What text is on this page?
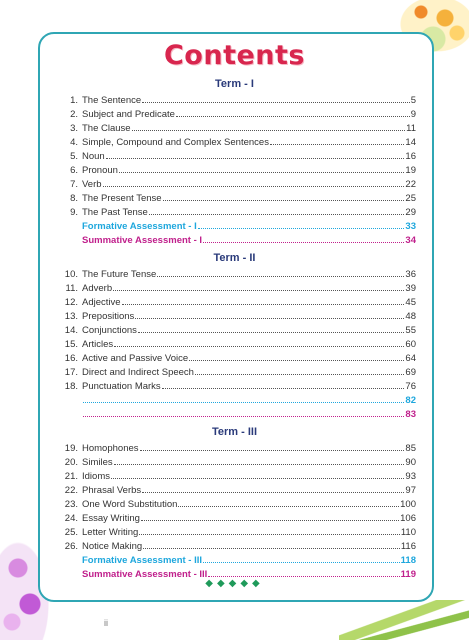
Contents
Term - I
1. The Sentence	5
2. Subject and Predicate	9
3. The Clause	11
4. Simple, Compound and Complex Sentences	14
5. Noun	16
6. Pronoun	19
7. Verb	22
8. The Present Tense	25
9. The Past Tense	29
Formative Assessment - I	33
Summative Assessment - I	34
Term - II
10. The Future Tense	36
11. Adverb	39
12. Adjective	45
13. Prepositions	48
14. Conjunctions	55
15. Articles	60
16. Active and Passive Voice	64
17. Direct and Indirect Speech	69
18. Punctuation Marks	76
82
83
Term - III
19. Homophones	85
20. Similes	90
21. Idioms	93
22. Phrasal Verbs	97
23. One Word Substitution	100
24. Essay Writing	106
25. Letter Writing	110
26. Notice Making	116
Formative Assessment - III	118
Summative Assessment - III	119
◆◆◆◆◆
ii
